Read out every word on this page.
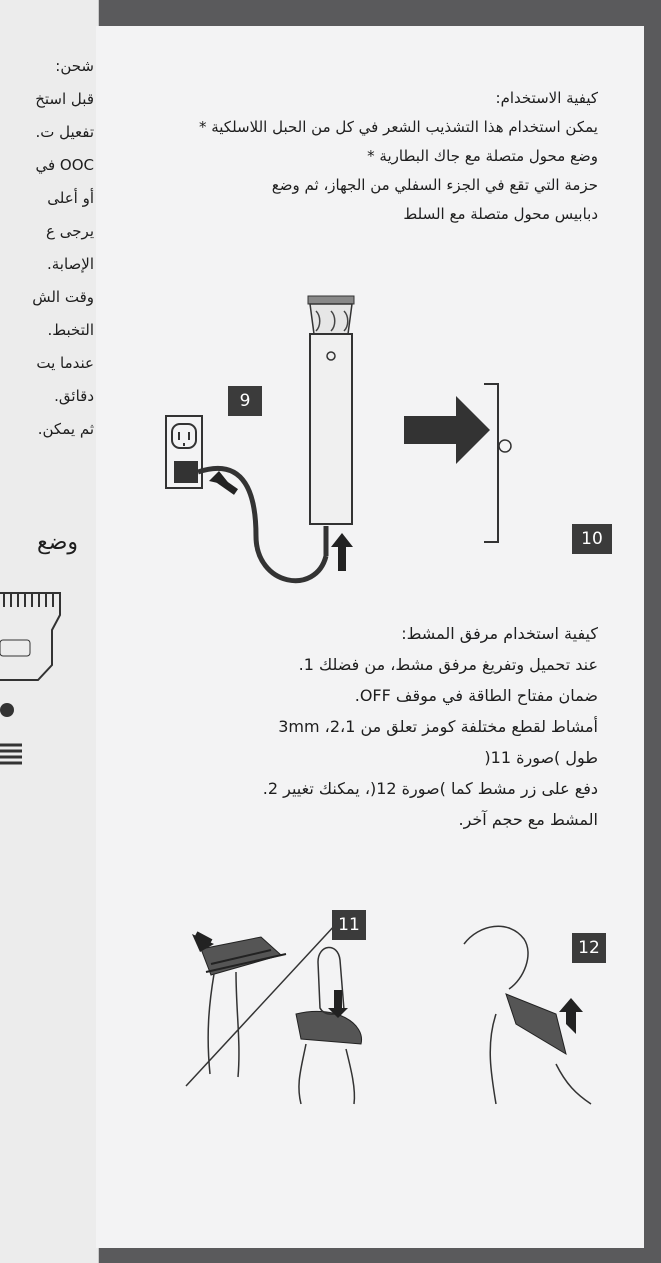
شحن:
قبل استخ
تفعيل ت.
OOC في
أو أعلى
يرجى ع
الإصابة.
وقت الش
التخبط.
عندما يت
دقائق.
ثم يمكن.
وضع
كيفية الاستخدام:
يمكن استخدام هذا التشذيب الشعر في كل من الحبل اللاسلكية *
وضع محول متصلة مع جاك البطارية *
حزمة التي تقع في الجزء السفلي من الجهاز، ثم وضع
دبابيس محول متصلة مع السلط
9
10
كيفية استخدام مرفق المشط:
عند تحميل وتفريغ مرفق مشط، من فضلك 1.
ضمان مفتاح الطاقة في موقف OFF.
أمشاط لقطع مختلفة كومز تعلق من 2،1، 3mm
طول )صورة 11(
دفع على زر مشط كما )صورة 12(، يمكنك تغيير 2.
المشط مع حجم آخر.
11
12
